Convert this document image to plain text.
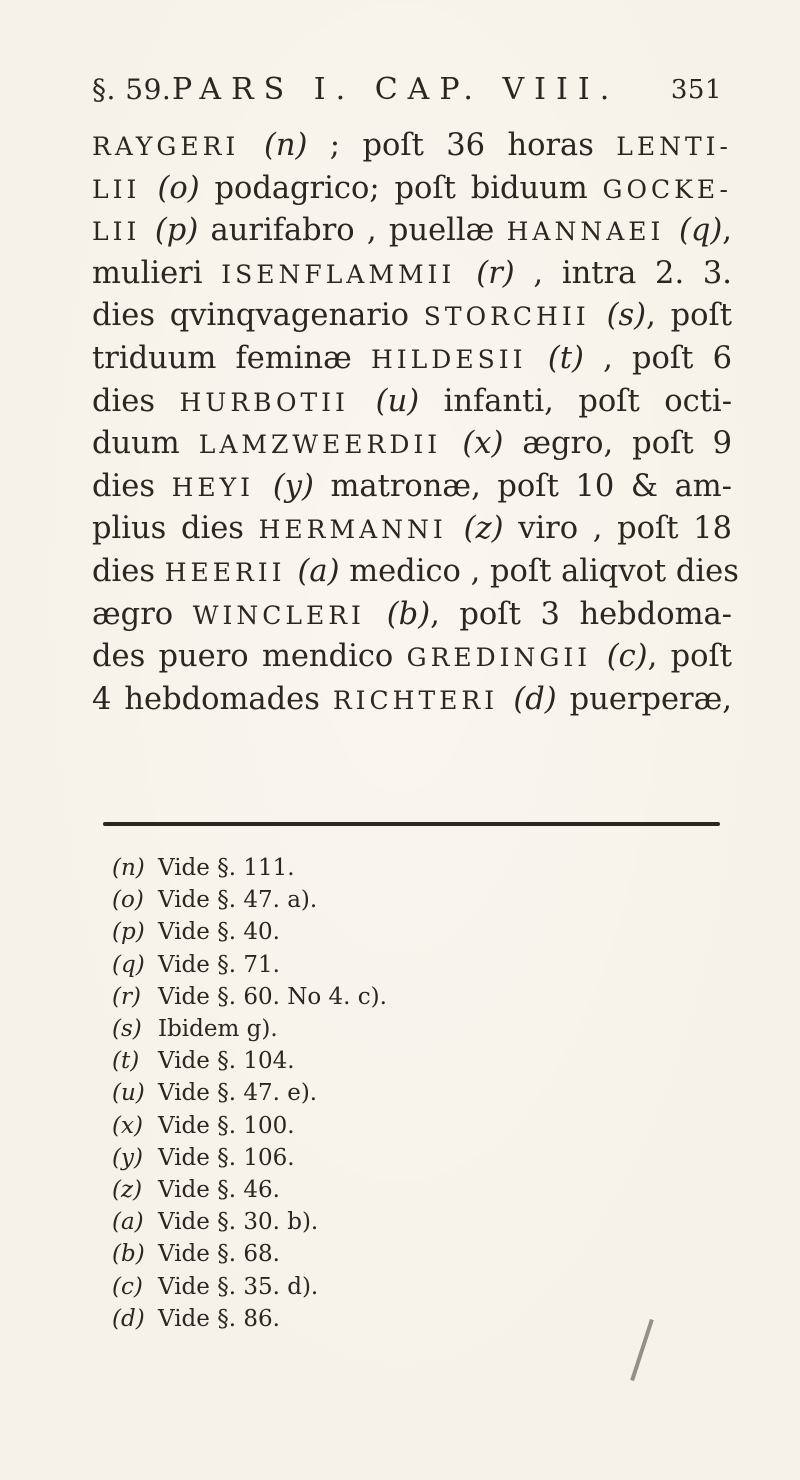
§. 59. PARS I. CAP. VIII. 351
RAYGERI (n) ; poſt 36 horas LENTI-
LII (o) podagrico; poſt biduum GOCKE-
LII (p) aurifabro , puellæ HANNAEI (q),
mulieri ISENFLAMMII (r) , intra 2. 3.
dies qvinqvagenario STORCHII (s), poſt
triduum feminæ HILDESII (t) , poſt 6
dies HURBOTII (u) infanti, poſt octi-
duum LAMZWEERDII (x) ægro, poſt 9
dies HEYI (y) matronæ, poſt 10 & am-
plius dies HERMANNI (z) viro , poſt 18
dies HEERII (a) medico , poſt aliqvot dies
ægro WINCLERI (b), poſt 3 hebdoma-
des puero mendico GREDINGII (c), poſt
4 hebdomades RICHTERI (d) puerperæ,
(n) Vide §. 111.
(o) Vide §. 47. a).
(p) Vide §. 40.
(q) Vide §. 71.
(r) Vide §. 60. No 4. c).
(s) Ibidem g).
(t) Vide §. 104.
(u) Vide §. 47. e).
(x) Vide §. 100.
(y) Vide §. 106.
(z) Vide §. 46.
(a) Vide §. 30. b).
(b) Vide §. 68.
(c) Vide §. 35. d).
(d) Vide §. 86.
